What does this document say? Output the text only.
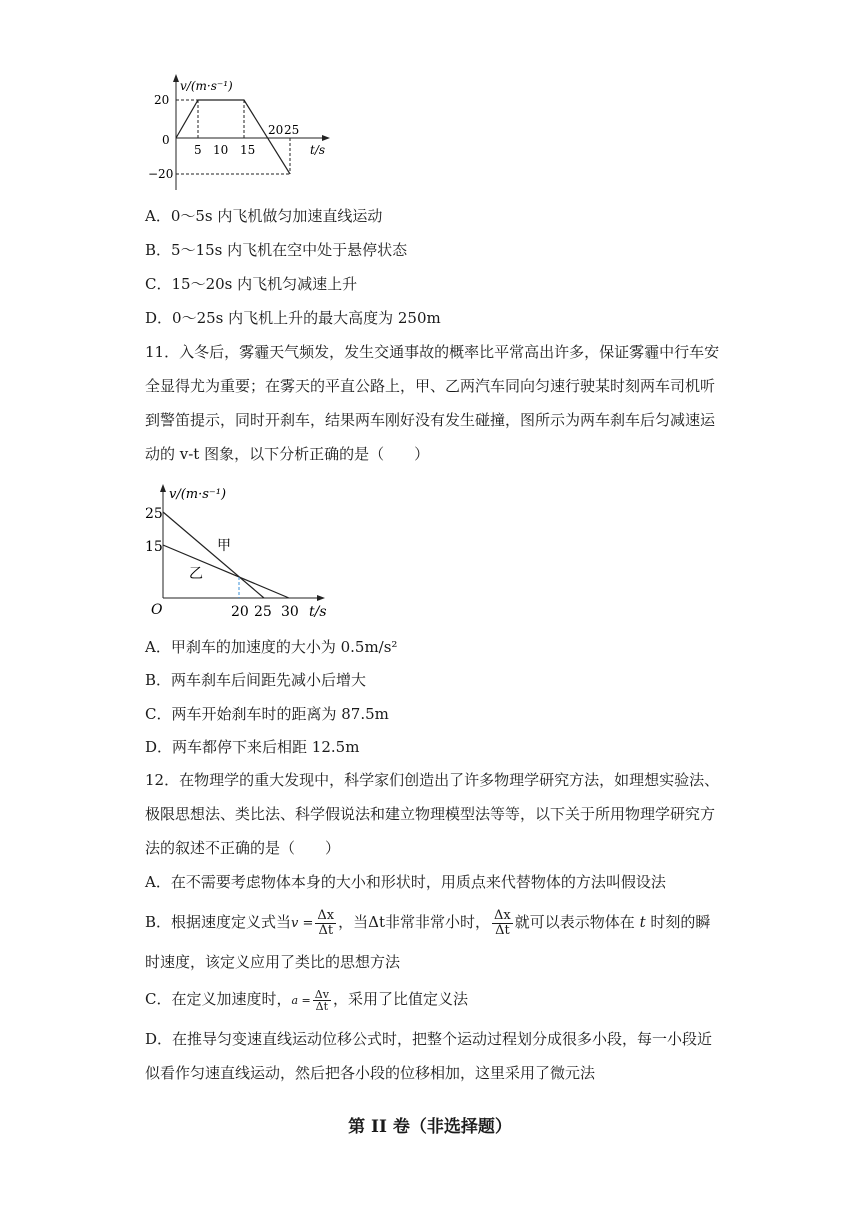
v/(m·s⁻¹)
20
0
−20
5 10 15
20 25
t/s
A．0～5s 内飞机做匀加速直线运动
B．5～15s 内飞机在空中处于悬停状态
C．15～20s 内飞机匀减速上升
D．0～25s 内飞机上升的最大高度为 250m
11．入冬后，雾霾天气频发，发生交通事故的概率比平常高出许多，保证雾霾中行车安全显得尤为重要；在雾天的平直公路上，甲、乙两汽车同向匀速行驶某时刻两车司机听到警笛提示，同时开刹车，结果两车刚好没有发生碰撞，图所示为两车刹车后匀减速运动的 v-t 图象，以下分析正确的是（　　）
v/(m·s⁻¹)
25
15
O	20 25 30 t/s
甲
乙
A．甲刹车的加速度的大小为 0.5m/s²
B．两车刹车后间距先减小后增大
C．两车开始刹车时的距离为 87.5m
D．两车都停下来后相距 12.5m
12．在物理学的重大发现中，科学家们创造出了许多物理学研究方法，如理想实验法、极限思想法、类比法、科学假说法和建立物理模型法等等，以下关于所用物理学研究方法的叙述不正确的是（　　）
A．在不需要考虑物体本身的大小和形状时，用质点来代替物体的方法叫假设法
B．根据速度定义式当$v = \frac{\Delta x}{\Delta t}$ ，当Δt非常非常小时， $\frac{\Delta x}{\Delta t}$ 就可以表示物体在 t 时刻的瞬
时速度，该定义应用了类比的思想方法
C．在定义加速度时，$a = \frac{\Delta v}{\Delta t}$ ，采用了比值定义法
D．在推导匀变速直线运动位移公式时，把整个运动过程划分成很多小段，每一小段近似看作匀速直线运动，然后把各小段的位移相加，这里采用了微元法
第 II 卷（非选择题）
